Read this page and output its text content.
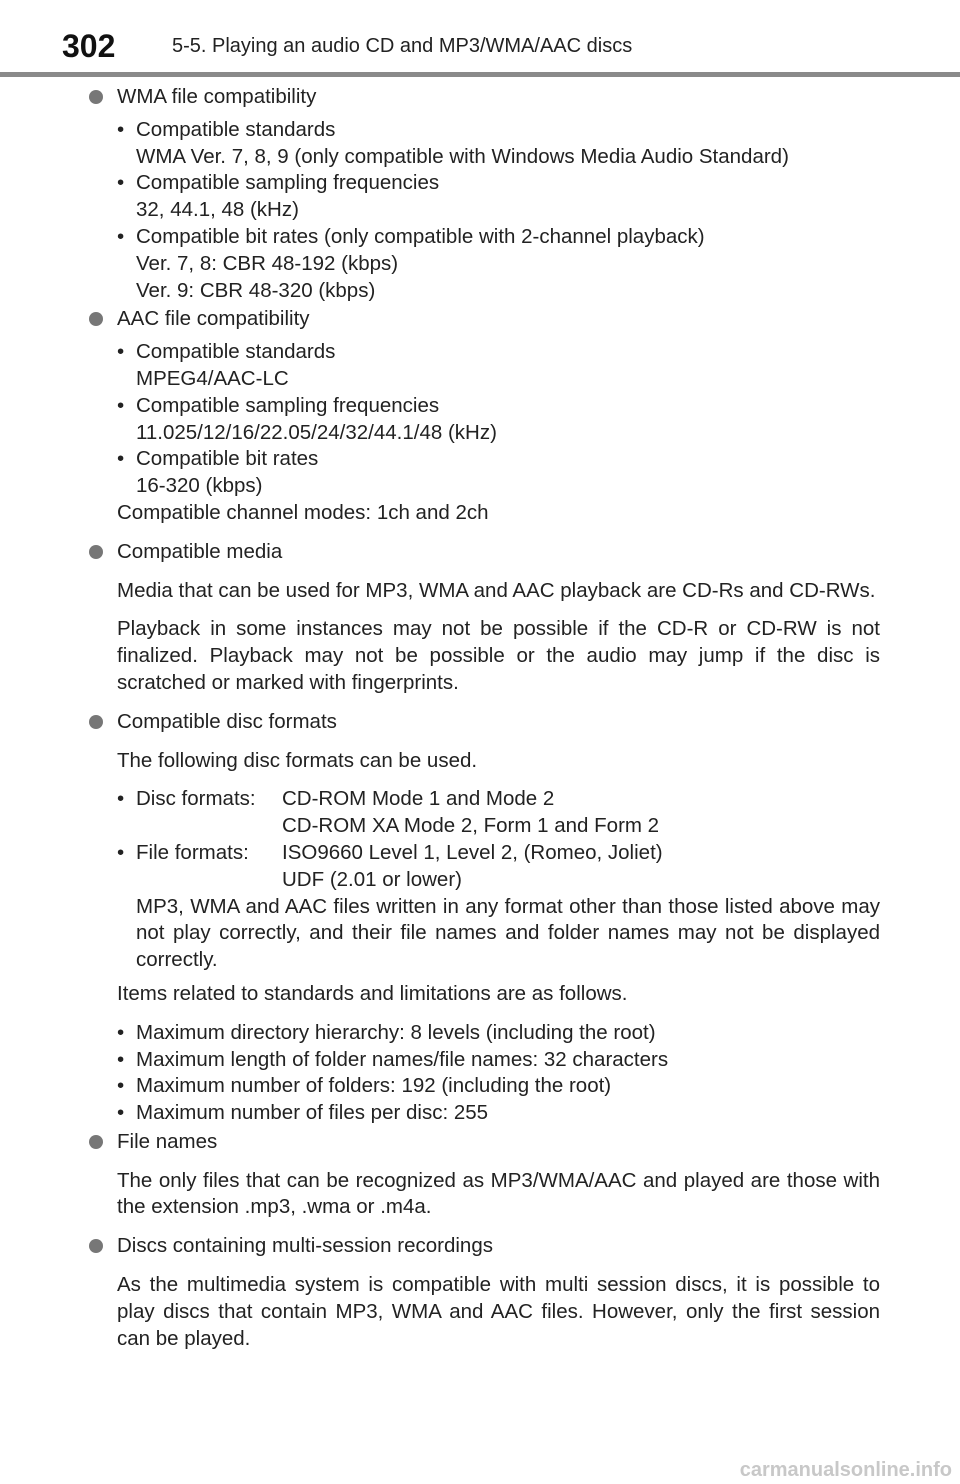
302	5-5. Playing an audio CD and MP3/WMA/AAC discs
WMA file compatibility
• Compatible standards
WMA Ver. 7, 8, 9 (only compatible with Windows Media Audio Standard)
• Compatible sampling frequencies
32, 44.1, 48 (kHz)
• Compatible bit rates (only compatible with 2-channel playback)
Ver. 7, 8: CBR 48-192 (kbps)
Ver. 9: CBR 48-320 (kbps)
AAC file compatibility
• Compatible standards
MPEG4/AAC-LC
• Compatible sampling frequencies
11.025/12/16/22.05/24/32/44.1/48 (kHz)
• Compatible bit rates
16-320 (kbps)
Compatible channel modes: 1ch and 2ch
Compatible media

Media that can be used for MP3, WMA and AAC playback are CD-Rs and CD-RWs.

Playback in some instances may not be possible if the CD-R or CD-RW is not finalized. Playback may not be possible or the audio may jump if the disc is scratched or marked with fingerprints.

Compatible disc formats

The following disc formats can be used.

• Disc formats:	CD-ROM Mode 1 and Mode 2
CD-ROM XA Mode 2, Form 1 and Form 2
• File formats:	ISO9660 Level 1, Level 2, (Romeo, Joliet)
UDF (2.01 or lower)
MP3, WMA and AAC files written in any format other than those listed above may not play correctly, and their file names and folder names may not be displayed correctly.

Items related to standards and limitations are as follows.

• Maximum directory hierarchy: 8 levels (including the root)
• Maximum length of folder names/file names: 32 characters
• Maximum number of folders: 192 (including the root)
• Maximum number of files per disc: 255
File names

The only files that can be recognized as MP3/WMA/AAC and played are those with the extension .mp3, .wma or .m4a.

Discs containing multi-session recordings

As the multimedia system is compatible with multi session discs, it is possible to play discs that contain MP3, WMA and AAC files. However, only the first session can be played.

carmanualsonline.info
